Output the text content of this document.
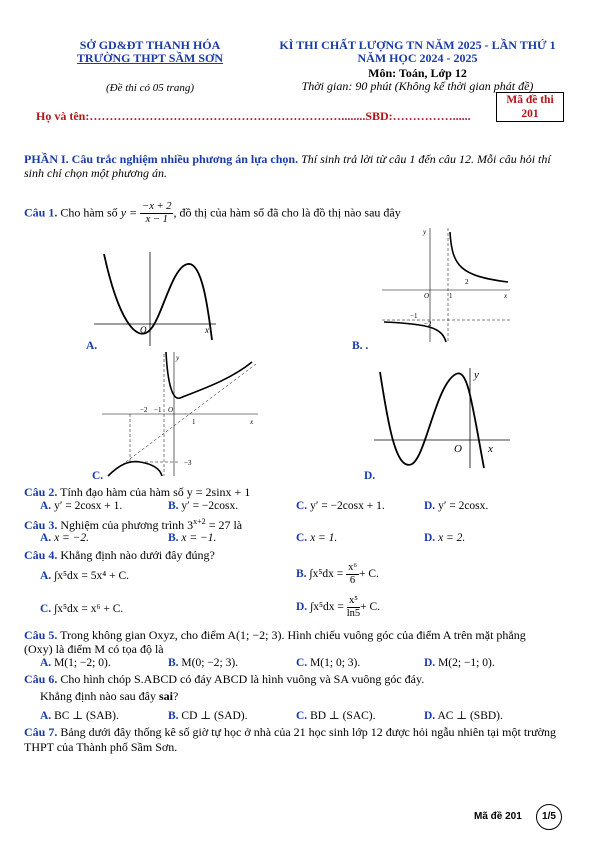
SỞ GD&ĐT THANH HÓA
TRƯỜNG THPT SẦM SƠN
(Đề thi có 05 trang)
KÌ THI CHẤT LƯỢNG TN NĂM 2025 - LẦN THỨ 1
NĂM HỌC 2024 - 2025
Môn: Toán, Lớp 12
Thời gian: 90 phút (Không kể thời gian phát đề)
Mã đề thi
201
Họ và tên:………………………………………………………........SBD:……………......
PHẦN I. Câu trắc nghiệm nhiều phương án lựa chọn. Thí sinh trả lời từ câu 1 đến câu 12. Mỗi câu hỏi thí
sinh chỉ chọn một phương án.
Câu 1. Cho hàm số $y = \frac{-x + 2}{x - 1}$ , đồ thị của hàm số đã cho là đồ thị nào sau đây
O	x
A.
y
O	1	x
−1
−2
2
B. .
y
O
−2 −1
1	x
−3
C.
y
O x
D.
Câu 2. Tính đạo hàm của hàm số y = 2sinx + 1
A. y′ = 2cosx + 1.	B. y′ = −2cosx.	C. y′ = −2cosx + 1.	D. y′ = 2cosx.
Câu 3. Nghiệm của phương trình $3^{x+2} = 27$ là
A. x = −2.	B. x = −1.	C. x = 1.	D. x = 2.
Câu 4. Khẳng định nào dưới đây đúng?
A. ∫x⁵dx = 5x⁴ + C.	B. $\int x^5dx = \frac{\text{x⁶}}{6} + C$.
C. ∫x⁵dx = x⁶ + C.	D. $\int x^5dx = \frac{\text{x⁵}}{\ln 5} + C$.
Câu 5. Trong không gian Oxyz, cho điểm A(1; −2; 3). Hình chiếu vuông góc của điểm A trên mặt phẳng
(Oxy) là điểm M có tọa độ là
A. M(1; −2; 0).	B. M(0; −2; 3).	C. M(1; 0; 3).	D. M(2; −1; 0).
Câu 6. Cho hình chóp S.ABCD có đáy ABCD là hình vuông và SA vuông góc đáy.
Khẳng định nào sau đây sai?
A. BC ⊥ (SAB).	B. CD ⊥ (SAD).	C. BD ⊥ (SAC).	D. AC ⊥ (SBD).
Câu 7. Bảng dưới đây thống kê số giờ tự học ở nhà của 21 học sinh lớp 12 được hỏi ngẫu nhiên tại một trường
THPT của Thành phố Sầm Sơn.
Mã đề 201	1/5
